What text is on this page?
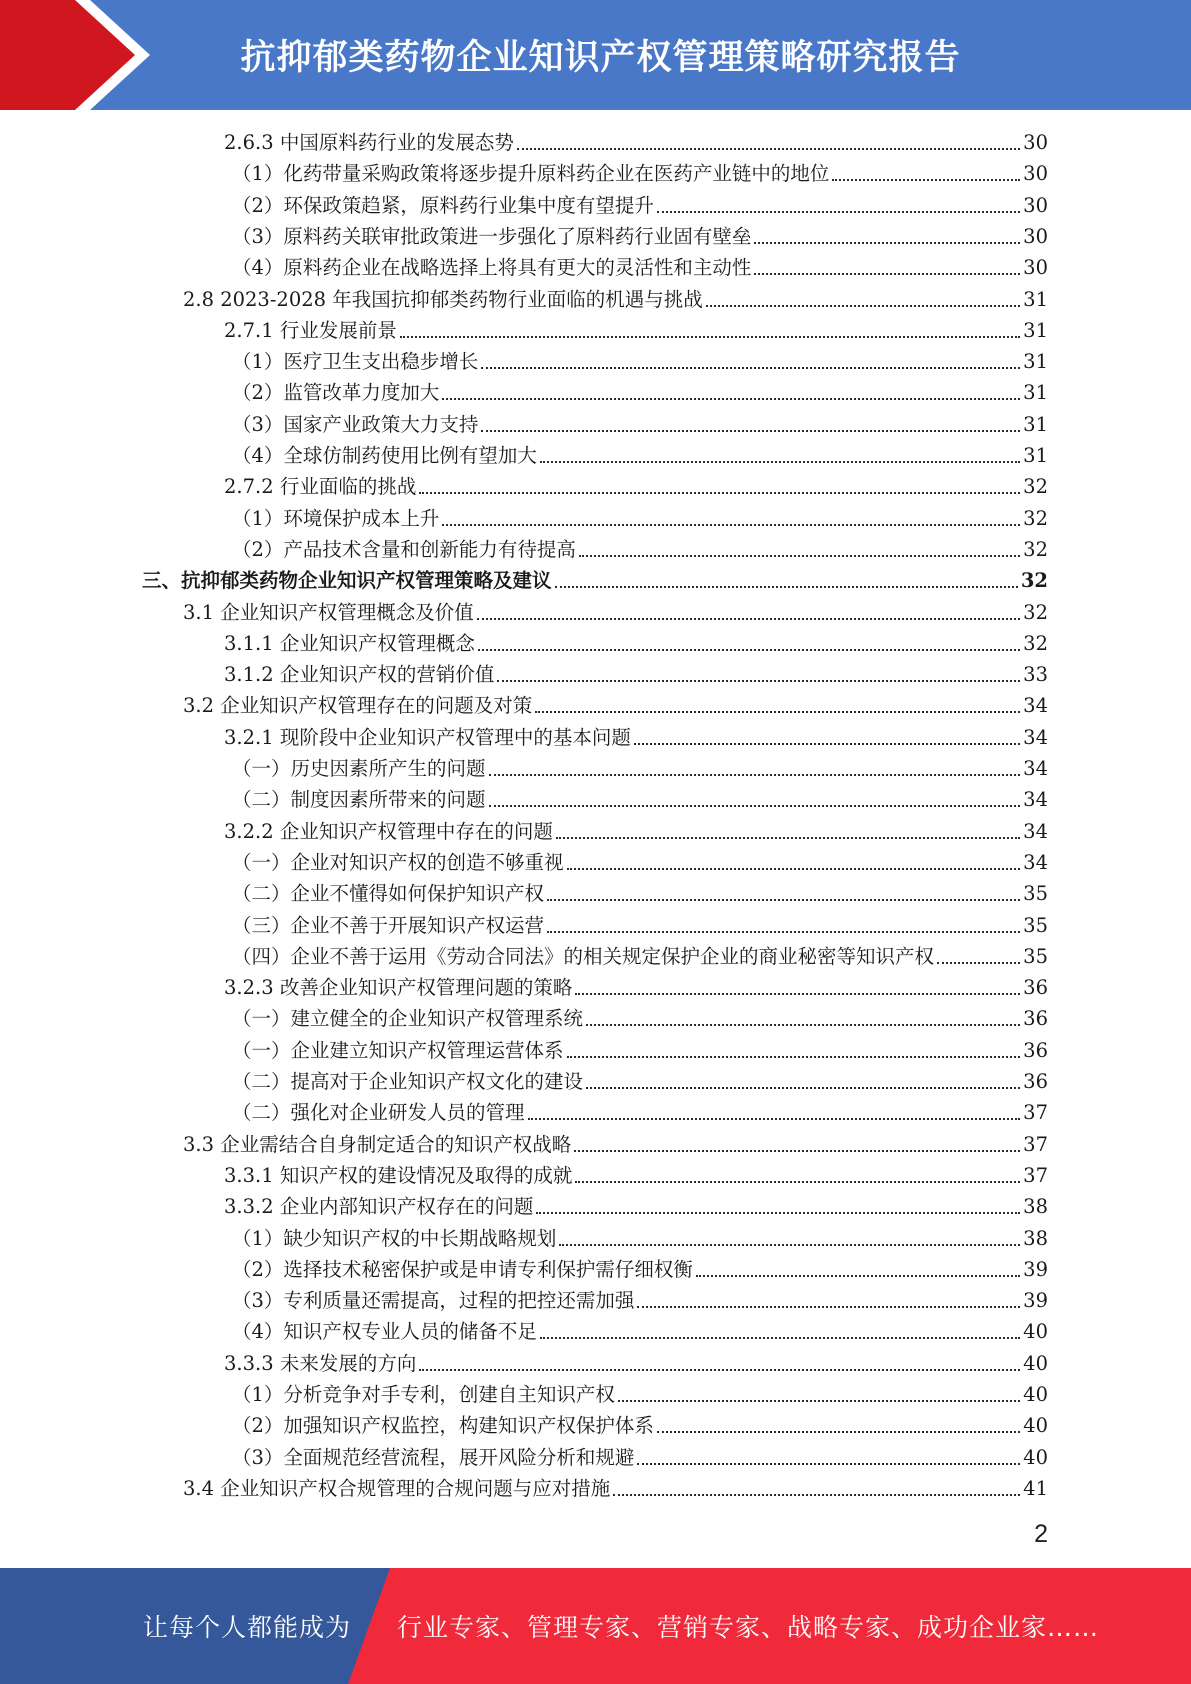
抗抑郁类药物企业知识产权管理策略研究报告
2.6.3 中国原料药行业的发展态势	30
（1）化药带量采购政策将逐步提升原料药企业在医药产业链中的地位	30
（2）环保政策趋紧，原料药行业集中度有望提升	30
（3）原料药关联审批政策进一步强化了原料药行业固有壁垒	30
（4）原料药企业在战略选择上将具有更大的灵活性和主动性	30
2.8 2023-2028 年我国抗抑郁类药物行业面临的机遇与挑战	31
2.7.1 行业发展前景	31
（1）医疗卫生支出稳步增长	31
（2）监管改革力度加大	31
（3）国家产业政策大力支持	31
（4）全球仿制药使用比例有望加大	31
2.7.2 行业面临的挑战	32
（1）环境保护成本上升	32
（2）产品技术含量和创新能力有待提高	32
三、抗抑郁类药物企业知识产权管理策略及建议	32
3.1 企业知识产权管理概念及价值	32
3.1.1 企业知识产权管理概念	32
3.1.2 企业知识产权的营销价值	33
3.2 企业知识产权管理存在的问题及对策	34
3.2.1 现阶段中企业知识产权管理中的基本问题	34
（一）历史因素所产生的问题	34
（二）制度因素所带来的问题	34
3.2.2 企业知识产权管理中存在的问题	34
（一）企业对知识产权的创造不够重视	34
（二）企业不懂得如何保护知识产权	35
（三）企业不善于开展知识产权运营	35
（四）企业不善于运用《劳动合同法》的相关规定保护企业的商业秘密等知识产权	35
3.2.3 改善企业知识产权管理问题的策略	36
（一）建立健全的企业知识产权管理系统	36
（一）企业建立知识产权管理运营体系	36
（二）提高对于企业知识产权文化的建设	36
（二）强化对企业研发人员的管理	37
3.3 企业需结合自身制定适合的知识产权战略	37
3.3.1 知识产权的建设情况及取得的成就	37
3.3.2 企业内部知识产权存在的问题	38
（1）缺少知识产权的中长期战略规划	38
（2）选择技术秘密保护或是申请专利保护需仔细权衡	39
（3）专利质量还需提高，过程的把控还需加强	39
（4）知识产权专业人员的储备不足	40
3.3.3 未来发展的方向	40
（1）分析竞争对手专利，创建自主知识产权	40
（2）加强知识产权监控，构建知识产权保护体系	40
（3）全面规范经营流程，展开风险分析和规避	40
3.4 企业知识产权合规管理的合规问题与应对措施	41
2
让每个人都能成为 行业专家、管理专家、营销专家、战略专家、成功企业家……
